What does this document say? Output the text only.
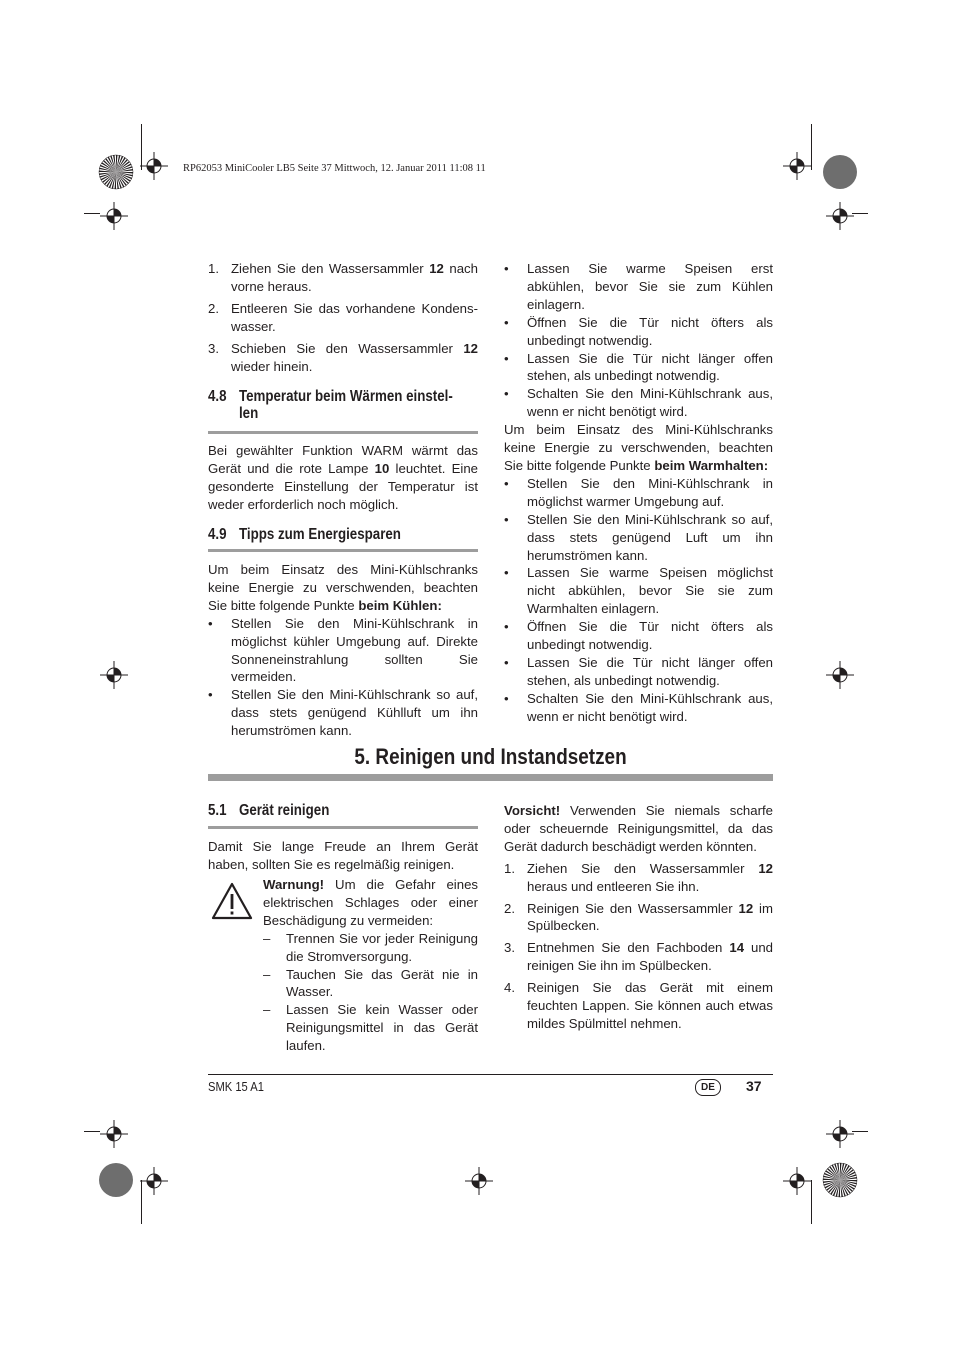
RP62053 MiniCooler LB5 Seite 37 Mittwoch, 12. Januar 2011 11:08 11
1. Ziehen Sie den Wassersammler 12 nach vorne heraus.
2. Entleeren Sie das vorhandene Kondens-wasser.
3. Schieben Sie den Wassersammler 12 wieder hinein.
4.8 Temperatur beim Wärmen einstel-
len
Bei gewählter Funktion WARM wärmt das Gerät und die rote Lampe 10 leuchtet. Eine gesonderte Einstellung der Temperatur ist weder erforderlich noch möglich.
4.9 Tipps zum Energiesparen
Um beim Einsatz des Mini-Kühlschranks keine Energie zu verschwenden, beachten Sie bitte folgende Punkte beim Kühlen:
• Stellen Sie den Mini-Kühlschrank in möglichst kühler Umgebung auf. Direkte Sonneneinstrahlung sollten Sie vermeiden.
• Stellen Sie den Mini-Kühlschrank so auf, dass stets genügend Kühlluft um ihn herumströmen kann.
• Lassen Sie warme Speisen erst abkühlen, bevor Sie sie zum Kühlen einlagern.
• Öffnen Sie die Tür nicht öfters als unbedingt notwendig.
• Lassen Sie die Tür nicht länger offen stehen, als unbedingt notwendig.
• Schalten Sie den Mini-Kühlschrank aus, wenn er nicht benötigt wird.
Um beim Einsatz des Mini-Kühlschranks keine Energie zu verschwenden, beachten Sie bitte folgende Punkte beim Warmhalten:
• Stellen Sie den Mini-Kühlschrank in möglichst warmer Umgebung auf.
• Stellen Sie den Mini-Kühlschrank so auf, dass stets genügend Luft um ihn herumströmen kann.
• Lassen Sie warme Speisen möglichst nicht abkühlen, bevor Sie sie zum Warmhalten einlagern.
• Öffnen Sie die Tür nicht öfters als unbedingt notwendig.
• Lassen Sie die Tür nicht länger offen stehen, als unbedingt notwendig.
• Schalten Sie den Mini-Kühlschrank aus, wenn er nicht benötigt wird.
5. Reinigen und Instandsetzen
5.1 Gerät reinigen
Damit Sie lange Freude an Ihrem Gerät haben, sollten Sie es regelmäßig reinigen.
Warnung! Um die Gefahr eines elektrischen Schlages oder einer Beschädigung zu vermeiden:
– Trennen Sie vor jeder Reinigung die Stromversorgung.
– Tauchen Sie das Gerät nie in Wasser.
– Lassen Sie kein Wasser oder Reinigungsmittel in das Gerät laufen.
Vorsicht! Verwenden Sie niemals scharfe oder scheuernde Reinigungsmittel, da das Gerät dadurch beschädigt werden könnten.
1. Ziehen Sie den Wassersammler 12 heraus und entleeren Sie ihn.
2. Reinigen Sie den Wassersammler 12 im Spülbecken.
3. Entnehmen Sie den Fachboden 14 und reinigen Sie ihn im Spülbecken.
4. Reinigen Sie das Gerät mit einem feuchten Lappen. Sie können auch etwas mildes Spülmittel nehmen.
SMK 15 A1	DE	37
